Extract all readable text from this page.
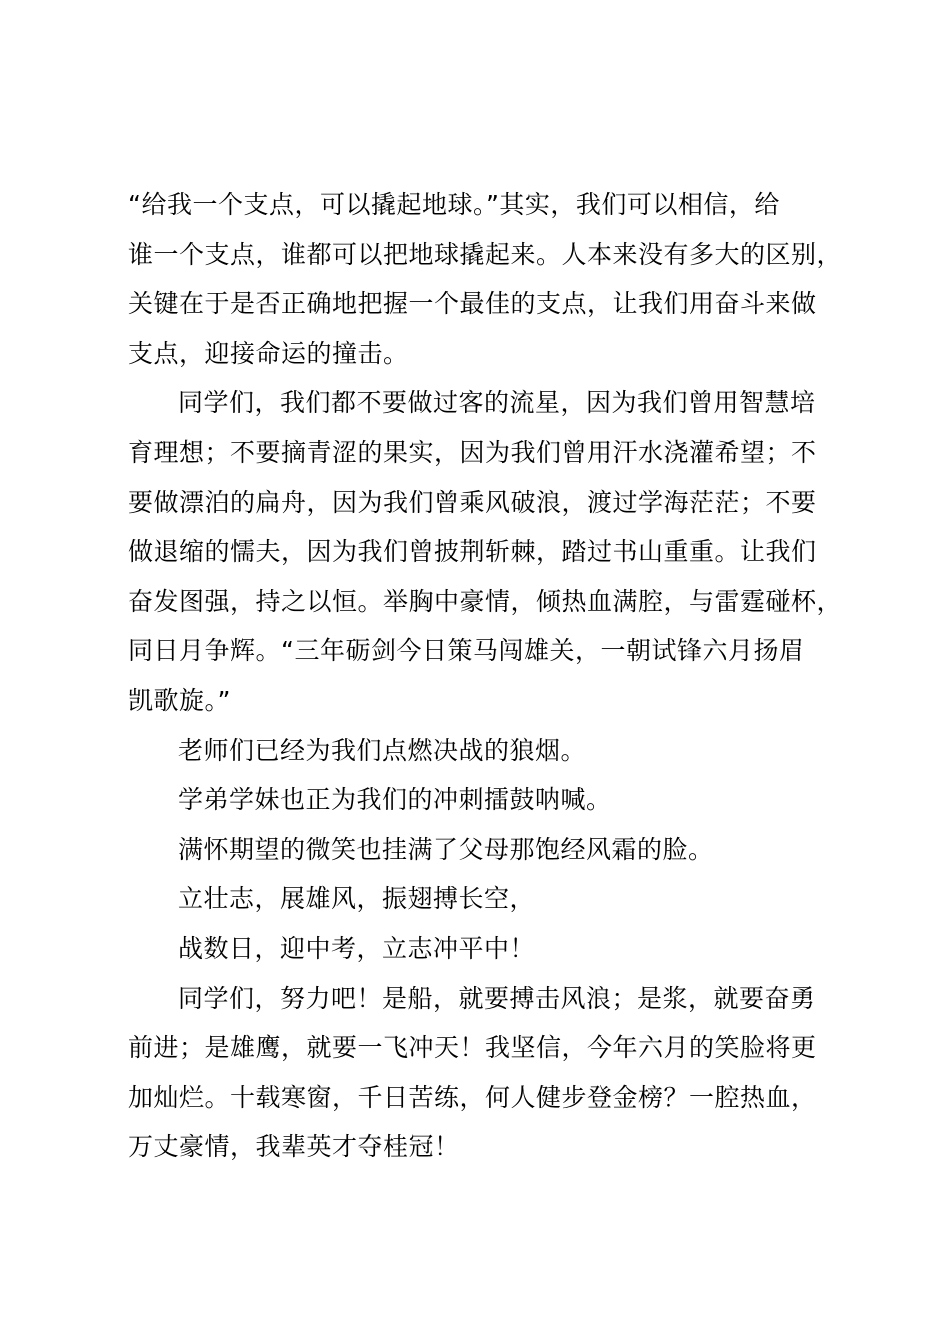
“给我一个支点，可以撬起地球。”其实，我们可以相信，给
谁一个支点，谁都可以把地球撬起来。人本来没有多大的区别，
关键在于是否正确地把握一个最佳的支点，让我们用奋斗来做
支点，迎接命运的撞击。
同学们，我们都不要做过客的流星，因为我们曾用智慧培
育理想；不要摘青涩的果实，因为我们曾用汗水浇灌希望；不
要做漂泊的扁舟，因为我们曾乘风破浪，渡过学海茫茫；不要
做退缩的懦夫，因为我们曾披荆斩棘，踏过书山重重。让我们
奋发图强，持之以恒。举胸中豪情，倾热血满腔，与雷霆碰杯，
同日月争辉。“三年砺剑今日策马闯雄关，一朝试锋六月扬眉
凯歌旋。”
老师们已经为我们点燃决战的狼烟。
学弟学妹也正为我们的冲刺擂鼓呐喊。
满怀期望的微笑也挂满了父母那饱经风霜的脸。
立壮志，展雄风，振翅搏长空，
战数日，迎中考，立志冲平中！
同学们，努力吧！是船，就要搏击风浪；是浆，就要奋勇
前进；是雄鹰，就要一飞冲天！我坚信，今年六月的笑脸将更
加灿烂。十载寒窗，千日苦练，何人健步登金榜？一腔热血，
万丈豪情，我辈英才夺桂冠！
